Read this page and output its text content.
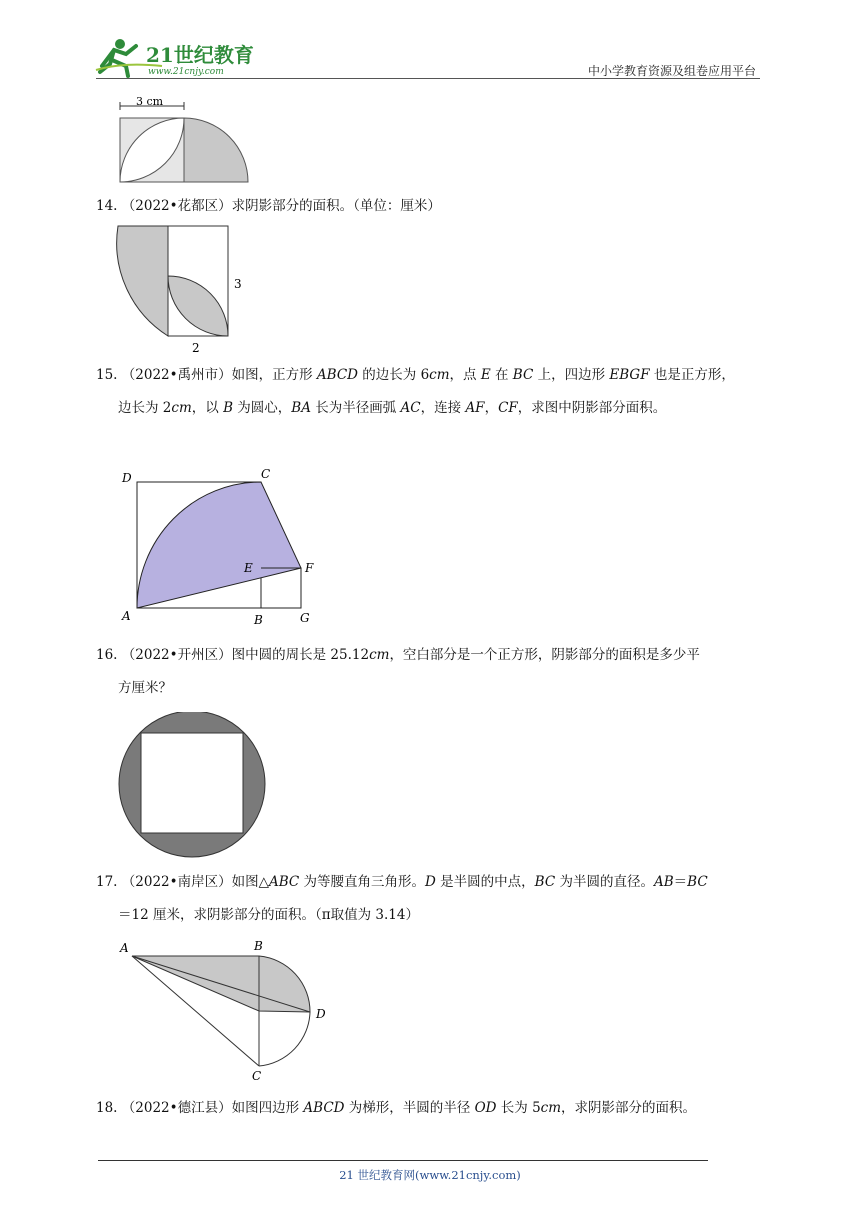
21世纪教育
www.21cnjy.com	中小学教育资源及组卷应用平台
3 cm
14. （2022•花都区）求阴影部分的面积。（单位：厘米）
3
2
15. （2022•禹州市）如图，正方形 ABCD 的边长为 6cm，点 E 在 BC 上，四边形 EBGF 也是正方形，
边长为 2cm，以 B 为圆心，BA 长为半径画弧 AC，连接 AF，CF，求图中阴影部分面积。
D	C
E	F
A	B	G
16. （2022•开州区）图中圆的周长是 25.12cm，空白部分是一个正方形，阴影部分的面积是多少平
方厘米？
17. （2022•南岸区）如图△ABC 为等腰直角三角形。D 是半圆的中点，BC 为半圆的直径。AB＝BC
＝12 厘米，求阴影部分的面积。（π取值为 3.14）
A	B
C
D
18. （2022•德江县）如图四边形 ABCD 为梯形，半圆的半径 OD 长为 5cm，求阴影部分的面积。
21 世纪教育网(www.21cnjy.com)
